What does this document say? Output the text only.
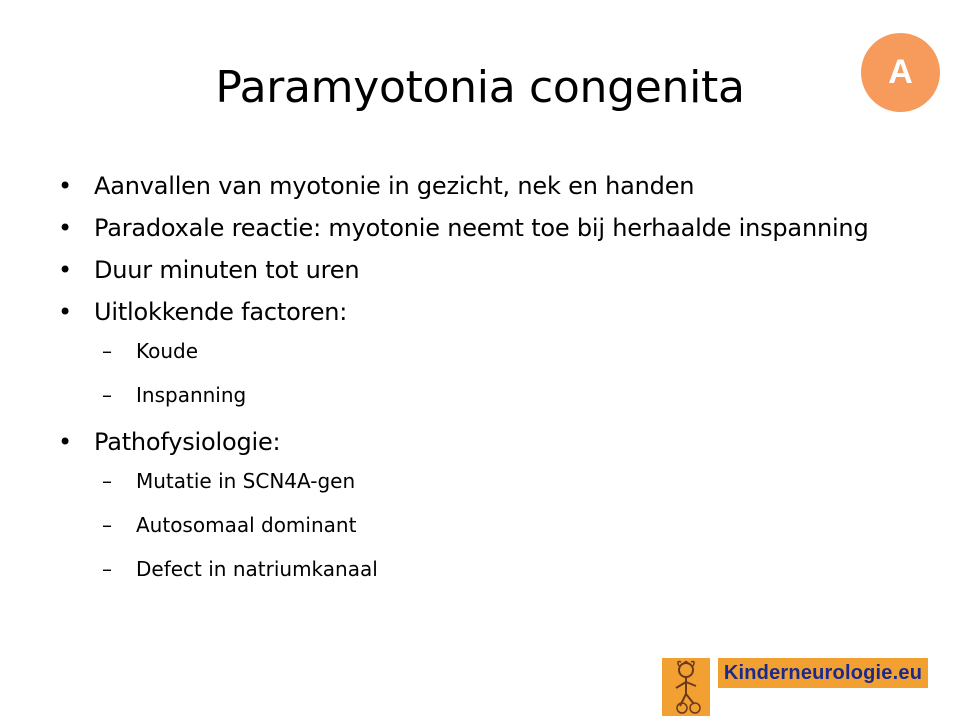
Paramyotonia congenita	A
• Aanvallen van myotonie in gezicht, nek en handen
• Paradoxale reactie: myotonie neemt toe bij herhaalde inspanning
• Duur minuten tot uren
• Uitlokkende factoren:
– Koude
– Inspanning
• Pathofysiologie:
– Mutatie in SCN4A-gen
– Autosomaal dominant
– Defect in natriumkanaal
Kinderneurologie.eu
